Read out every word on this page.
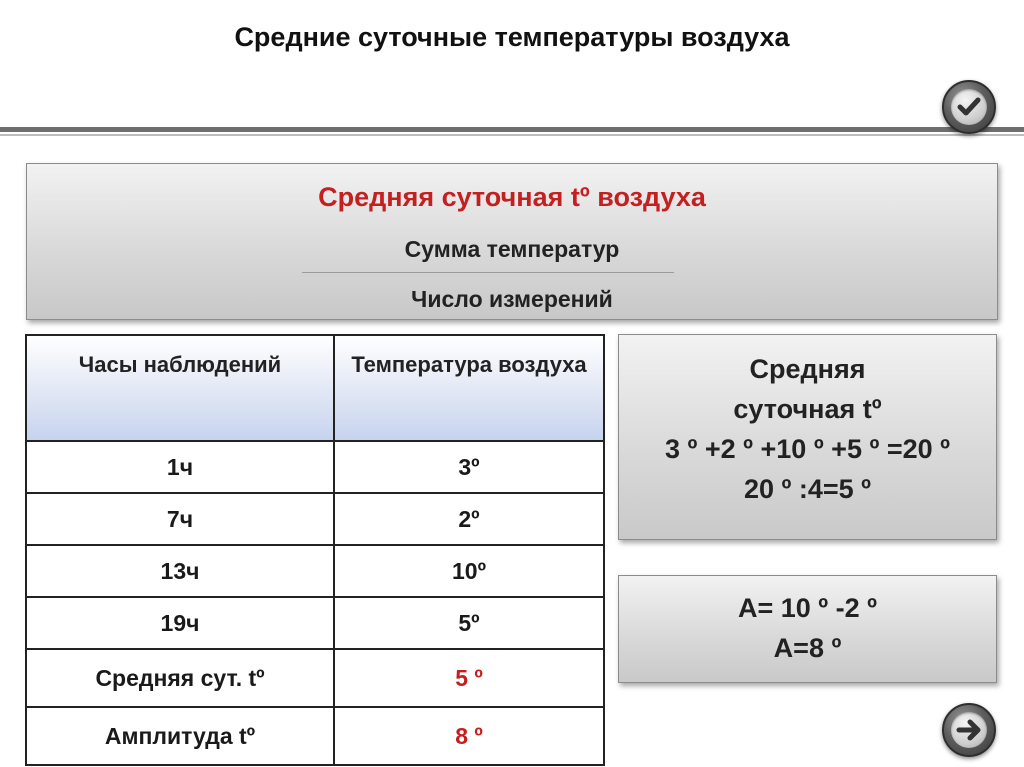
Средние суточные температуры воздуха
Средняя суточная tº воздуха
Сумма температур
Число измерений
Часы наблюдений	Температура воздуха
1ч	3º
7ч	2º
13ч	10º
19ч	5º
Средняя сут. tº	5 º
Амплитуда tº	8 º
Средняя
суточная tº
3 º +2 º +10 º +5 º =20 º
20 º :4=5 º
A= 10 º -2 º
A=8 º
